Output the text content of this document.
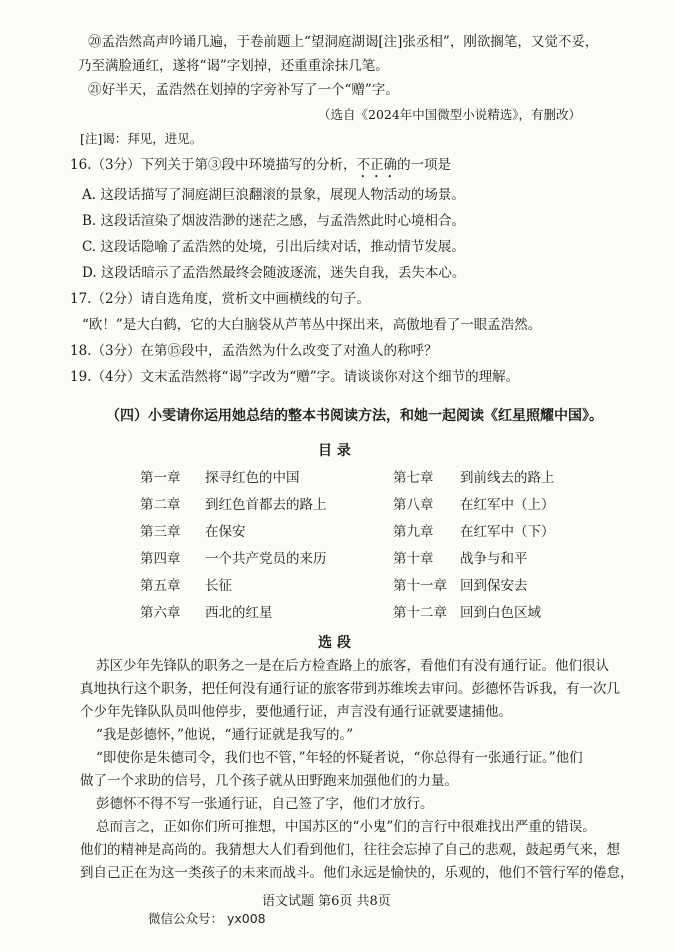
⑳孟浩然高声吟诵几遍，于卷前题上“望洞庭湖谒[注]张丞相”，刚欲搁笔，又觉不妥，
乃至满脸通红，遂将“谒”字划掉，还重重涂抹几笔。
㉑好半天，孟浩然在划掉的字旁补写了一个“赠”字。
（选自《2024年中国微型小说精选》，有删改）
[注]谒：拜见，进见。
16.（3分）下列关于第③段中环境描写的分析，不正确的一项是
A. 这段话描写了洞庭湖巨浪翻滚的景象，展现人物活动的场景。
B. 这段话渲染了烟波浩渺的迷茫之感，与孟浩然此时心境相合。
C. 这段话隐喻了孟浩然的处境，引出后续对话，推动情节发展。
D. 这段话暗示了孟浩然最终会随波逐流，迷失自我，丢失本心。
17.（2分）请自选角度，赏析文中画横线的句子。
“欧！”是大白鹤，它的大白脑袋从芦苇丛中探出来，高傲地看了一眼孟浩然。
18.（3分）在第⑮段中，孟浩然为什么改变了对渔人的称呼？
19.（4分）文末孟浩然将“谒”字改为“赠”字。请谈谈你对这个细节的理解。
（四）小雯请你运用她总结的整本书阅读方法，和她一起阅读《红星照耀中国》。
目 录
第一章 探寻红色的中国
第二章 到红色首都去的路上
第三章 在保安
第四章 一个共产党员的来历
第五章 长征
第六章 西北的红星
第七章 到前线去的路上
第八章 在红军中（上）
第九章 在红军中（下）
第十章 战争与和平
第十一章 回到保安去
第十二章 回到白色区域
选 段
苏区少年先锋队的职务之一是在后方检查路上的旅客，看他们有没有通行证。他们很认
真地执行这个职务，把任何没有通行证的旅客带到苏维埃去审问。彭德怀告诉我，有一次几
个少年先锋队队员叫他停步，要他通行证，声言没有通行证就要逮捕他。
“我是彭德怀，”他说，“通行证就是我写的。”
“即使你是朱德司令，我们也不管，”年轻的怀疑者说，“你总得有一张通行证。”他们
做了一个求助的信号，几个孩子就从田野跑来加强他们的力量。
彭德怀不得不写一张通行证，自己签了字，他们才放行。
总而言之，正如你们所可推想，中国苏区的“小鬼”们的言行中很难找出严重的错误。
他们的精神是高尚的。我猜想大人们看到他们，往往会忘掉了自己的悲观，鼓起勇气来，想
到自己正在为这一类孩子的未来而战斗。他们永远是愉快的，乐观的，他们不管行军的倦怠，
语文试题 第6页 共8页
微信公众号： yx008
